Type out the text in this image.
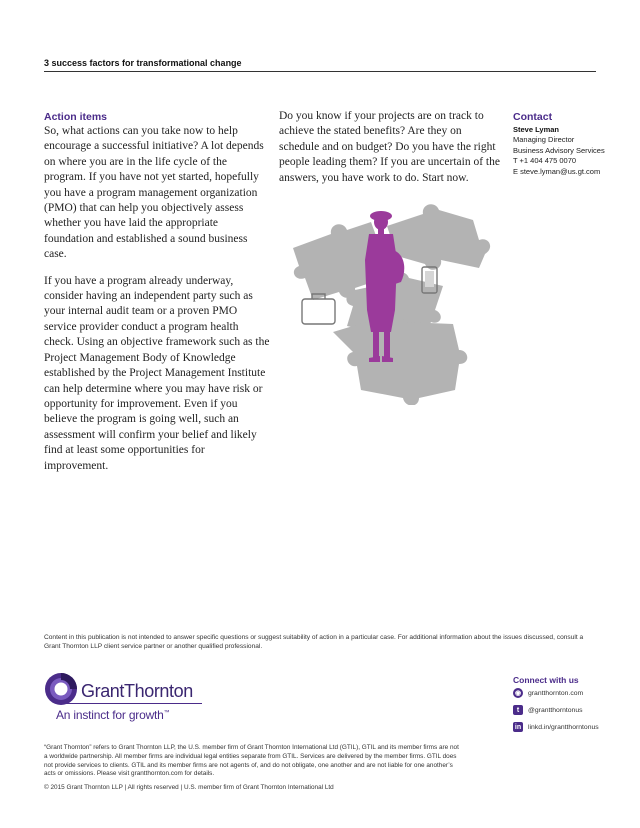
3 success factors for transformational change
Action items

So, what actions can you take now to help encourage a successful initiative? A lot depends on where you are in the life cycle of the program. If you have not yet started, hopefully you have a program management organization (PMO) that can help you objectively assess whether you have laid the appropriate foundation and established a sound business case.

If you have a program already underway, consider having an independent party such as your internal audit team or a proven PMO service provider conduct a program health check. Using an objective framework such as the Project Management Body of Knowledge established by the Project Management Institute can help determine where you may have risk or opportunity for improvement. Even if you believe the program is going well, such an assessment will confirm your belief and likely find at least some opportunities for improvement.

Do you know if your projects are on track to achieve the stated benefits? Are they on schedule and on budget? Do you have the right people leading them? If you are uncertain of the answers, you have work to do. Start now.
Contact
Steve Lyman
Managing Director
Business Advisory Services
T +1 404 475 0070
E steve.lyman@us.gt.com
Content in this publication is not intended to answer specific questions or suggest suitability of action in a particular case. For additional information about the issues discussed, consult a Grant Thornton LLP client service partner or another qualified professional.
GrantThornton
An instinct for growth™
Connect with us
◉ grantthornton.com
t	@grantthorntonus
in linkd.in/grantthorntonus
“Grant Thornton” refers to Grant Thornton LLP, the U.S. member firm of Grant Thornton International Ltd (GTIL), GTIL and its member firms are not a worldwide partnership. All member firms are individual legal entities separate from GTIL. Services are delivered by the member firms. GTIL does not provide services to clients. GTIL and its member firms are not agents of, and do not obligate, one another and are not liable for one another’s acts or omissions. Please visit grantthornton.com for details.
© 2015 Grant Thornton LLP | All rights reserved | U.S. member firm of Grant Thornton International Ltd
